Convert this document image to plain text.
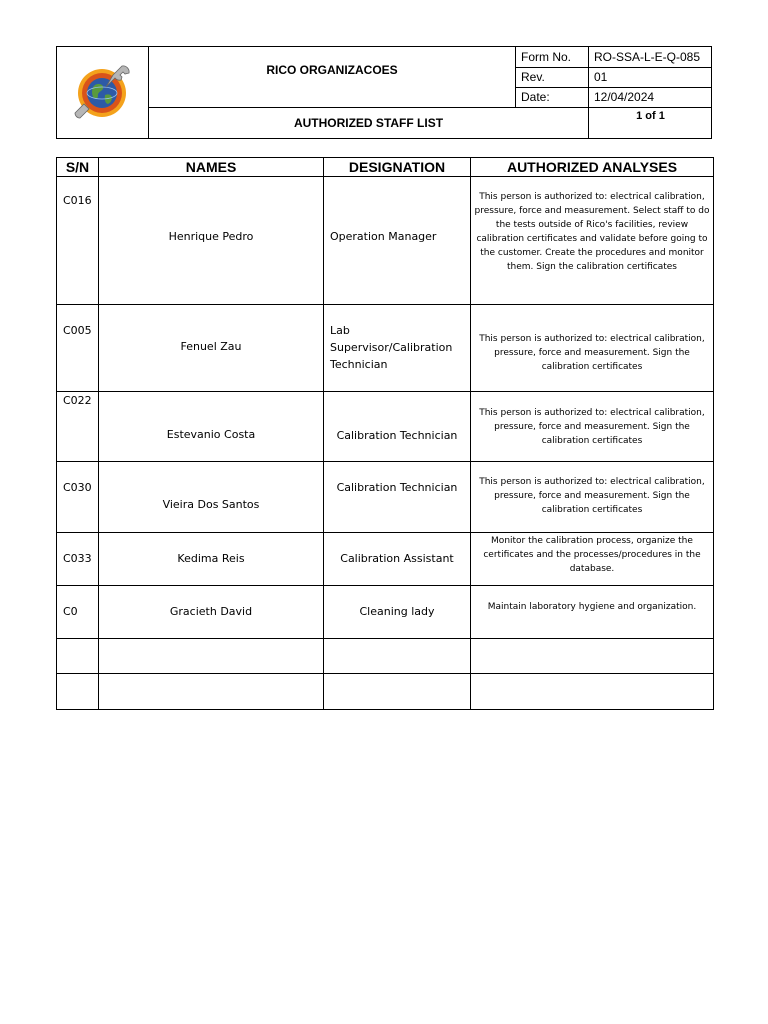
RICO ORGANIZACOES
AUTHORIZED STAFF LIST
Form No. RO-SSA-L-E-Q-085
Rev.	01
Date:	12/04/2024
1 of 1
S/N	NAMES	DESIGNATION	AUTHORIZED ANALYSES

C016	Henrique Pedro	Operation Manager	This person is authorized to: electrical calibration, pressure, force and measurement. Select staff to do the tests outside of Rico's facilities, review calibration certificates and validate before going to the customer. Create the procedures and monitor them. Sign the calibration certificates

C005	Fenuel Zau	Lab Supervisor/Calibration Technician	This person is authorized to: electrical calibration, pressure, force and measurement. Sign the calibration certificates

C022	Estevanio Costa	Calibration Technician	This person is authorized to: electrical calibration, pressure, force and measurement. Sign the calibration certificates

C030	Vieira Dos Santos	Calibration Technician	This person is authorized to: electrical calibration, pressure, force and measurement. Sign the calibration certificates

C033	Kedima Reis	Calibration Assistant	Monitor the calibration process, organize the certificates and the processes/procedures in the database.

C0	Gracieth David	Cleaning lady	Maintain laboratory hygiene and organization.
